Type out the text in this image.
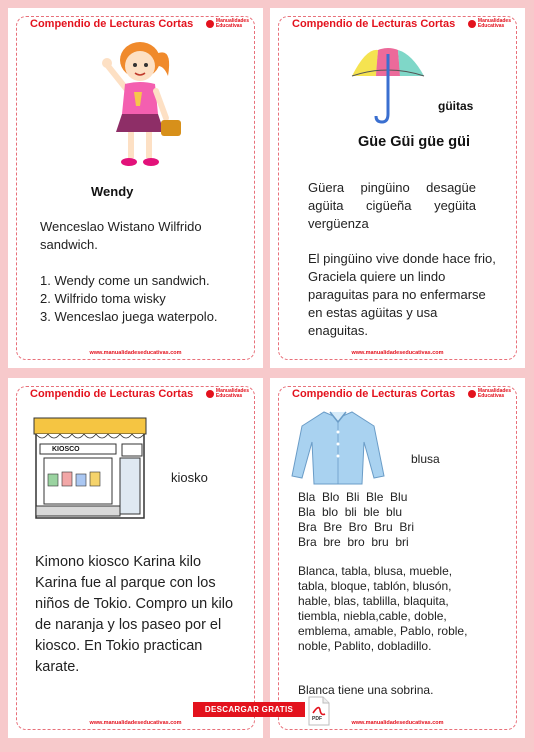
Compendio de Lecturas Cortas	Manualidades
Educativas
Wendy
Wenceslao Wistano Wilfrido sandwich.
1. Wendy come un sandwich.
2. Wilfrido toma wisky
3. Wenceslao juega waterpolo.
www.manualidadeseducativas.com
Compendio de Lecturas Cortas	Manualidades
Educativas
güitas
Güe Güi güe güi
Güera pingüino desagüe agüita cigüeña yegüita vergüenza
El pingüino vive donde hace frio, Graciela quiere un lindo paraguitas para no enfermarse en estas agüitas y usa enaguitas.
www.manualidadeseducativas.com
Compendio de Lecturas Cortas	Manualidades
Educativas
KIOSCO
kiosko
Kimono kiosco Karina kilo Karina fue al parque con los niños de Tokio. Compro un kilo de naranja y los paseo por el kiosco. En Tokio practican karate.
www.manualidadeseducativas.com
Compendio de Lecturas Cortas	Manualidades
Educativas
blusa
Bla  Blo  Bli  Ble  Blu
Bla  blo  bli  ble  blu
Bra  Bre  Bro  Bru  Bri
Bra  bre  bro  bru  bri
Blanca, tabla, blusa, mueble, tabla, bloque, tablón, blusón, hable, blas, tablilla, blaquita, tiembla, niebla,cable, doble, emblema, amable, Pablo, roble, noble, Pablito, dobladillo.
Blanca tiene una sobrina.
www.manualidadeseducativas.com
DESCARGAR GRATIS
PDF
